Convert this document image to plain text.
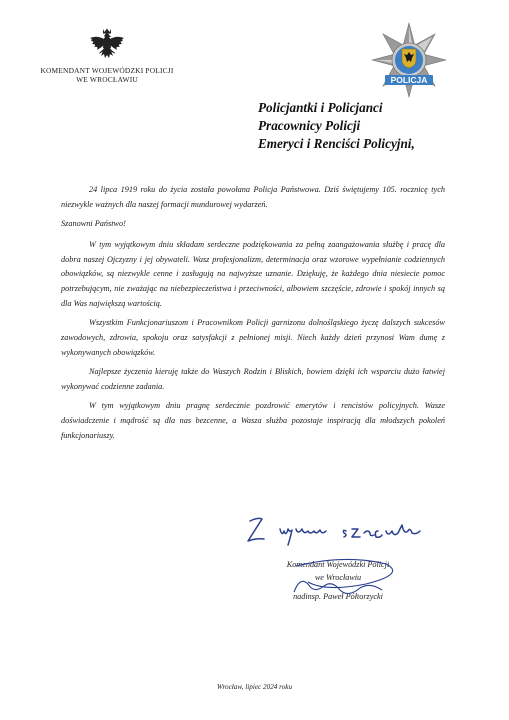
KOMENDANT WOJEWÓDZKI POLICJI
WE WROCŁAWIU	POLICJA
Policjantki i Policjanci
Pracownicy Policji
Emeryci i Renciści Policyjni,

24 lipca 1919 roku do życia została powołana Policja Państwowa. Dziś świętujemy 105. rocznicę tych niezwykle ważnych dla naszej formacji mundurowej wydarzeń.

Szanowni Państwo!

W tym wyjątkowym dniu składam serdeczne podziękowania za pełną zaangażowania służbę i pracę dla dobra naszej Ojczyzny i jej obywateli. Wasz profesjonalizm, determinacja oraz wzorowe wypełnianie codziennych obowiązków, są niezwykle cenne i zasługują na najwyższe uznanie. Dziękuję, że każdego dnia niesiecie pomoc potrzebującym, nie zważając na niebezpieczeństwa i przeciwności, albowiem szczęście, zdrowie i spokój innych są dla Was największą wartością.

Wszystkim Funkcjonariuszom i Pracownikom Policji garnizonu dolnośląskiego życzę dalszych sukcesów zawodowych, zdrowia, spokoju oraz satysfakcji z pełnionej misji. Niech każdy dzień przynosi Wam dumę z wykonywanych obowiązków.

Najlepsze życzenia kieruję także do Waszych Rodzin i Bliskich, bowiem dzięki ich wsparciu dużo łatwiej wykonywać codzienne zadania.

W tym wyjątkowym dniu pragnę serdecznie pozdrowić emerytów i rencistów policyjnych. Wasze doświadczenie i mądrość są dla nas bezcenne, a Wasza służba pozostaje inspiracją dla młodszych pokoleń funkcjonariuszy.

Komendant Wojewódzki Policji
we Wrocławiu
nadinsp. Paweł Półtorzycki
Wrocław, lipiec 2024 roku
